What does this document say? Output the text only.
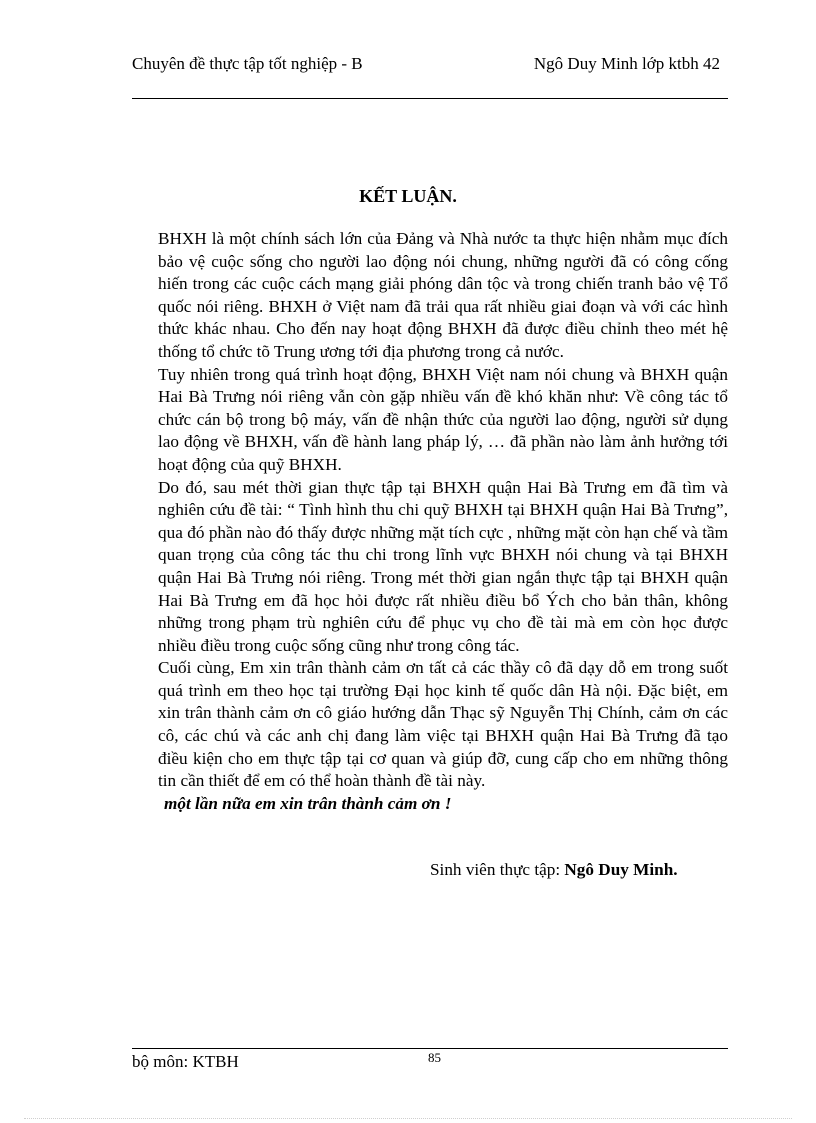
Chuyên đề thực tập tốt nghiệp - B	Ngô Duy Minh lớp ktbh 42
KẾT LUẬN.

BHXH là một chính sách lớn của Đảng và Nhà nước ta thực hiện nhằm mục đích bảo vệ cuộc sống cho người lao động nói chung, những người đã có công cống hiến trong các cuộc cách mạng giải phóng dân tộc và trong chiến tranh bảo vệ Tổ quốc nói riêng. BHXH ở Việt nam đã trải qua rất nhiều giai đoạn và với các hình thức khác nhau. Cho đến nay hoạt động BHXH đã được điều chỉnh theo mét hệ thống tổ chức tõ Trung ương tới địa phương trong cả nước.

Tuy nhiên trong quá trình hoạt động, BHXH Việt nam nói chung và BHXH quận Hai Bà Trưng nói riêng vẫn còn gặp nhiều vấn đề khó khăn như: Về công tác tổ chức cán bộ trong bộ máy, vấn đề nhận thức của người lao động, người sử dụng lao động về BHXH, vấn đề hành lang pháp lý, … đã phần nào làm ảnh hưởng tới hoạt động của quỹ BHXH.

Do đó, sau mét thời gian thực tập tại BHXH quận Hai Bà Trưng em đã tìm và nghiên cứu đề tài: “ Tình hình thu chi quỹ BHXH tại BHXH quận Hai Bà Trưng”, qua đó phần nào đó thấy được những mặt tích cực , những mặt còn hạn chế và tầm quan trọng của công tác thu chi trong lĩnh vực BHXH nói chung và tại BHXH quận Hai Bà Trưng nói riêng. Trong mét thời gian ngắn thực tập tại BHXH quận Hai Bà Trưng em đã học hỏi được rất nhiều điều bổ Ých cho bản thân, không những trong phạm trù nghiên cứu để phục vụ cho đề tài mà em còn học được nhiều điều trong cuộc sống cũng như trong công tác.

Cuối cùng, Em xin trân thành cảm ơn tất cả các thầy cô đã dạy dỗ em trong suốt quá trình em theo học tại trường Đại học kinh tế quốc dân Hà nội. Đặc biệt, em xin trân thành cảm ơn cô giáo hướng dẫn Thạc sỹ Nguyễn Thị Chính, cảm ơn các cô, các chú và các anh chị đang làm việc tại BHXH quận Hai Bà Trưng đã tạo điều kiện cho em thực tập tại cơ quan và giúp đỡ, cung cấp cho em những thông tin cần thiết để em có thể hoàn thành đề tài này.

một lần nữa em xin trân thành cảm ơn !

Sinh viên thực tập: Ngô Duy Minh.
bộ môn: KTBH	85
